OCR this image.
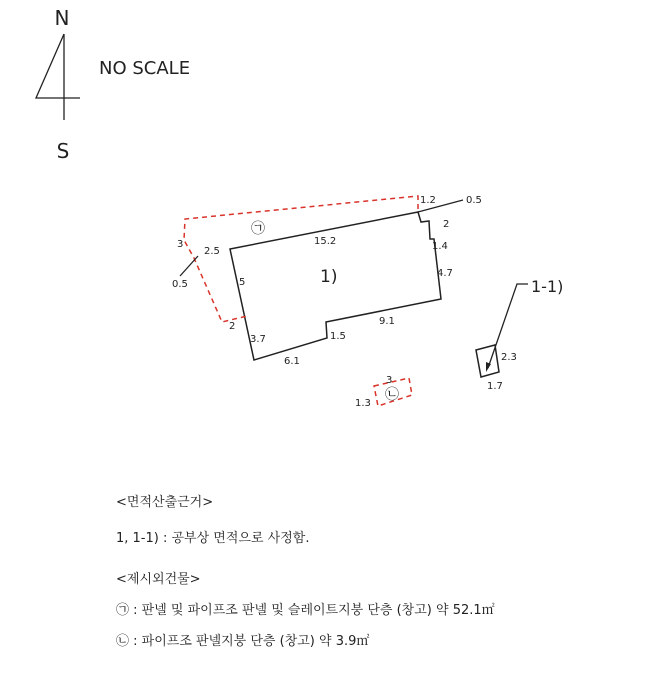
N
S
NO SCALE
㉠
㉡
1-1)
1)
15.2
5
1.2	0.5
2
1.4
4.7
9.1
1.5
6.1
3.7
2.5
3
0.5
2
2.3
1.7
3
1.3
<면적산출근거>
1, 1-1) : 공부상 면적으로 사정함.
<제시외건물>
㉠ : 판넬 및 파이프조 판넬 및 슬레이트지붕 단층 (창고) 약 52.1㎡
㉡ : 파이프조 판넬지붕 단층 (창고) 약 3.9㎡
